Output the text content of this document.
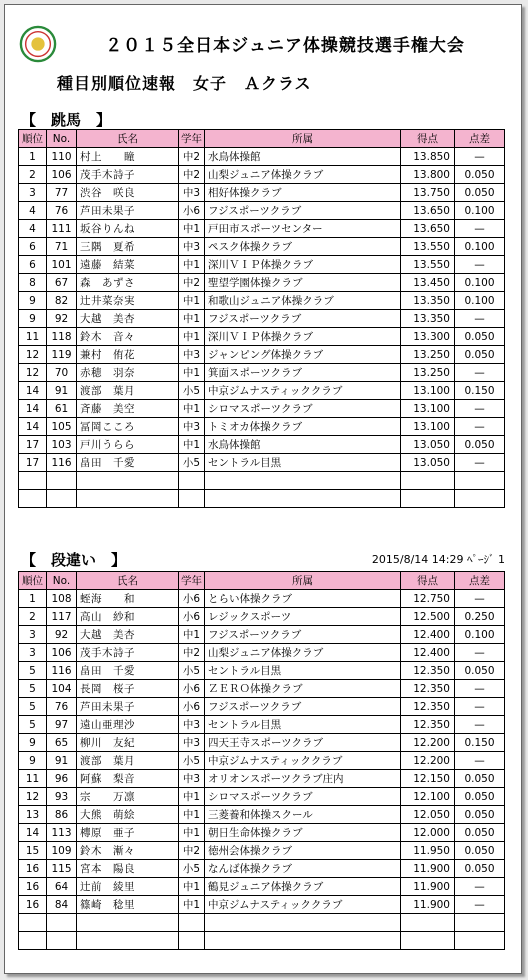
２０１５全日本ジュニア体操競技選手権大会
種目別順位速報　女子　Ａクラス
【　跳馬　】
順位	No.	氏名	学年	所属	得点	点差
1	110	村上　　瞳	中2	水鳥体操館	13.850	—
2	106	茂手木詩子	中2	山梨ジュニア体操クラブ	13.800	0.050
3	77	渋谷　咲良	中3	相好体操クラブ	13.750	0.050
4	76	芦田未果子	小6	フジスポーツクラブ	13.650	0.100
4	111	坂谷りんね	中1	戸田市スポーツセンター	13.650	—
6	71	三隅　夏希	中3	ペスク体操クラブ	13.550	0.100
6	101	遠藤　結菜	中1	深川ＶＩＰ体操クラブ	13.550	—
8	67	森　あずさ	中2	聖望学園体操クラブ	13.450	0.100
9	82	辻井菜奈実	中1	和歌山ジュニア体操クラブ	13.350	0.100
9	92	大越　美杏	中1	フジスポーツクラブ	13.350	—
11	118	鈴木　音々	中1	深川ＶＩＰ体操クラブ	13.300	0.050
12	119	兼村　侑花	中3	ジャンピング体操クラブ	13.250	0.050
12	70	赤穂　羽奈	中1	箕面スポーツクラブ	13.250	—
14	91	渡部　葉月	小5	中京ジムナスティッククラブ	13.100	0.150
14	61	斉藤　美空	中1	シロマスポーツクラブ	13.100	—
14	105	冨岡こころ	中3	トミオカ体操クラブ	13.100	—
17	103	戸川うらら	中1	水鳥体操館	13.050	0.050
17	116	畠田　千愛	小5	セントラル目黒	13.050	—

【　段違い　】	2015/8/14 14:29 ﾍﾟｰｼﾞ 1
順位	No.	氏名	学年	所属	得点	点差
1	108	蛭海　　和	小6	とらい体操クラブ	12.750	—
2	117	高山　紗和	小6	レジックスポーツ	12.500	0.250
3	92	大越　美杏	中1	フジスポーツクラブ	12.400	0.100
3	106	茂手木詩子	中2	山梨ジュニア体操クラブ	12.400	—
5	116	畠田　千愛	小5	セントラル目黒	12.350	0.050
5	104	長岡　桜子	小6	ＺＥＲＯ体操クラブ	12.350	—
5	76	芦田未果子	小6	フジスポーツクラブ	12.350	—
5	97	遠山亜理沙	中3	セントラル目黒	12.350	—
9	65	柳川　友紀	中3	四天王寺スポーツクラブ	12.200	0.150
9	91	渡部　葉月	小5	中京ジムナスティッククラブ	12.200	—
11	96	阿蘇　梨音	中3	オリオンスポーツクラブ庄内	12.150	0.050
12	93	宗　　万凛	中1	シロマスポーツクラブ	12.100	0.050
13	86	大熊　萌絵	中1	三菱養和体操スクール	12.050	0.050
14	113	槫原　亜子	中1	朝日生命体操クラブ	12.000	0.050
15	109	鈴木　漸々	中2	徳州会体操クラブ	11.950	0.050
16	115	宮本　陽良	小5	なんば体操クラブ	11.900	0.050
16	64	辻前　綾里	中1	鶴見ジュニア体操クラブ	11.900	—
16	84	篠崎　稔里	中1	中京ジムナスティッククラブ	11.900	—
